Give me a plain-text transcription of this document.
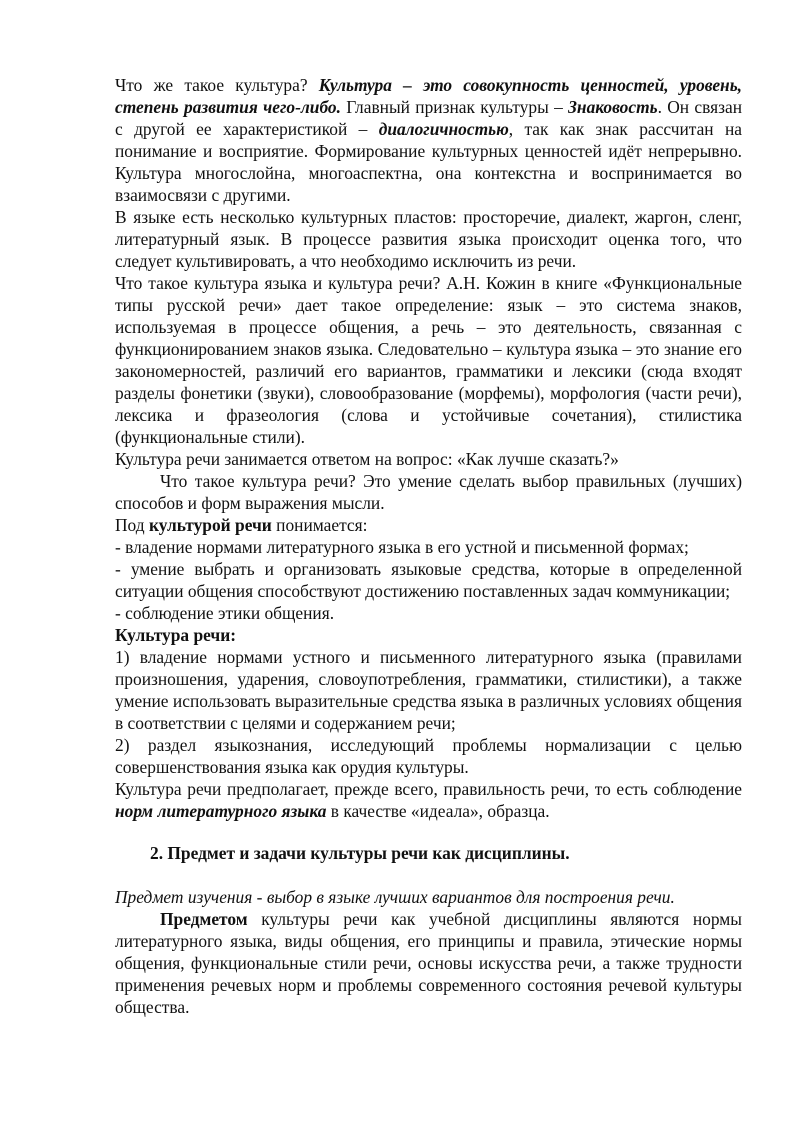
Что же такое культура? Культура – это совокупность ценностей, уровень, степень развития чего-либо. Главный признак культуры – Знаковость. Он связан с другой ее характеристикой – диалогичностью, так как знак рассчитан на понимание и восприятие. Формирование культурных ценностей идёт непрерывно. Культура многослойна, многоаспектна, она контекстна и воспринимается во взаимосвязи с другими.

В языке есть несколько культурных пластов: просторечие, диалект, жаргон, сленг, литературный язык. В процессе развития языка происходит оценка того, что следует культивировать, а что необходимо исключить из речи.

Что такое культура языка и культура речи? А.Н. Кожин в книге «Функциональные типы русской речи» дает такое определение: язык – это система знаков, используемая в процессе общения, а речь – это деятельность, связанная с функционированием знаков языка. Следовательно – культура языка – это знание его закономерностей, различий его вариантов, грамматики и лексики (сюда входят разделы фонетики (звуки), словообразование (морфемы), морфология (части речи), лексика и фразеология (слова и устойчивые сочетания), стилистика (функциональные стили).

Культура речи занимается ответом на вопрос: «Как лучше сказать?»

Что такое культура речи? Это умение сделать выбор правильных (лучших) способов и форм выражения мысли.

Под культурой речи понимается:

- владение нормами литературного языка в его устной и письменной формах;

- умение выбрать и организовать языковые средства, которые в определенной ситуации общения способствуют достижению поставленных задач коммуникации;

- соблюдение этики общения.

Культура речи:

1) владение нормами устного и письменного литературного языка (правилами произношения, ударения, словоупотребления, грамматики, стилистики), а также умение использовать выразительные средства языка в различных условиях общения в соответствии с целями и содержанием речи;

2) раздел языкознания, исследующий проблемы нормализации с целью совершенствования языка как орудия культуры.

Культура речи предполагает, прежде всего, правильность речи, то есть соблюдение норм литературного языка в качестве «идеала», образца.

2. Предмет и задачи культуры речи как дисциплины.

Предмет изучения - выбор в языке лучших вариантов для построения речи.

Предметом культуры речи как учебной дисциплины являются нормы литературного языка, виды общения, его принципы и правила, этические нормы общения, функциональные стили речи, основы искусства речи, а также трудности применения речевых норм и проблемы современного состояния речевой культуры общества.
